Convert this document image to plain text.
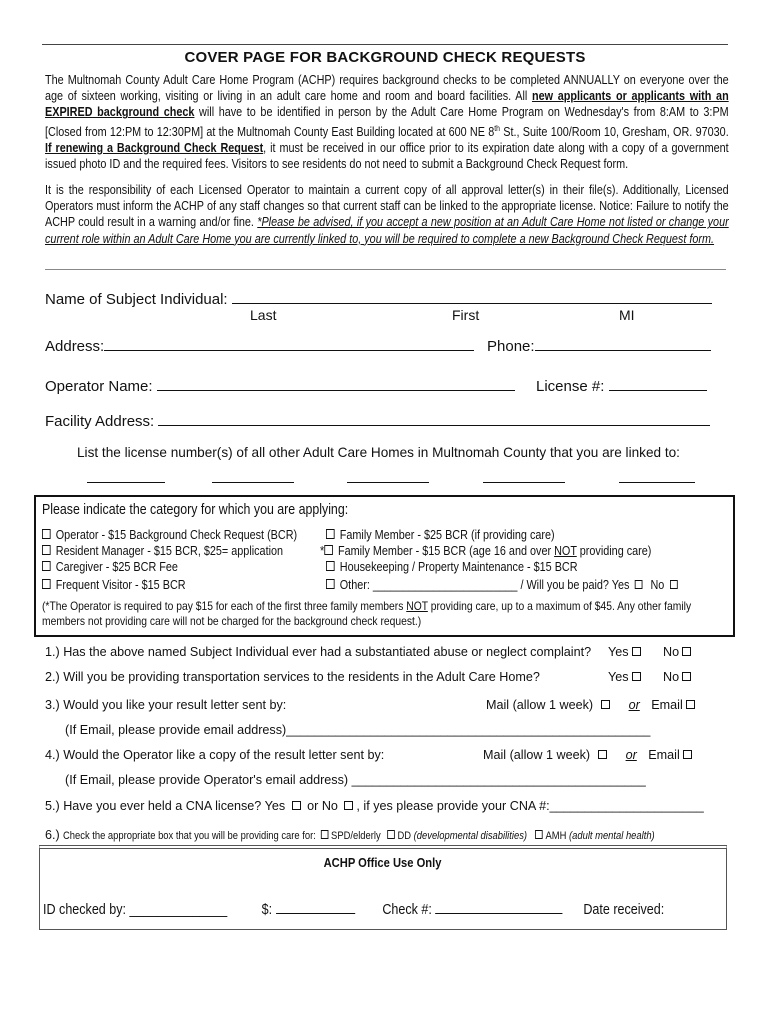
COVER PAGE FOR BACKGROUND CHECK REQUESTS
The Multnomah County Adult Care Home Program (ACHP) requires background checks to be completed ANNUALLY on everyone over the age of sixteen working, visiting or living in an adult care home and room and board facilities. All new applicants or applicants with an EXPIRED background check will have to be identified in person by the Adult Care Home Program on Wednesday's from 8:AM to 3:PM [Closed from 12:PM to 12:30PM] at the Multnomah County East Building located at 600 NE 8th St., Suite 100/Room 10, Gresham, OR. 97030. If renewing a Background Check Request, it must be received in our office prior to its expiration date along with a copy of a government issued photo ID and the required fees. Visitors to see residents do not need to submit a Background Check Request form.
It is the responsibility of each Licensed Operator to maintain a current copy of all approval letter(s) in their file(s). Additionally, Licensed Operators must inform the ACHP of any staff changes so that current staff can be linked to the appropriate license. Notice: Failure to notify the ACHP could result in a warning and/or fine. *Please be advised, if you accept a new position at an Adult Care Home not listed or change your current role within an Adult Care Home you are currently linked to, you will be required to complete a new Background Check Request form.
Name of Subject Individual:
Last	First	MI
Address:	Phone:
Operator Name:	License #:
Facility Address:
List the license number(s) of all other Adult Care Homes in Multnomah County that you are linked to:
Please indicate the category for which you are applying:
Operator - $15 Background Check Request (BCR)
Resident Manager - $15 BCR, $25= application
Caregiver - $25 BCR Fee
Frequent Visitor - $15 BCR
Family Member - $25 BCR (if providing care)
* Family Member - $15 BCR (age 16 and over NOT providing care)
Housekeeping / Property Maintenance - $15 BCR
Other: ________________________ / Will you be paid? Yes No
(*The Operator is required to pay $15 for each of the first three family members NOT providing care, up to a maximum of $45. Any other family members not providing care will not be charged for the background check request.)
1.) Has the above named Subject Individual ever had a substantiated abuse or neglect complaint? Yes	No
2.) Will you be providing transportation services to the residents in the Adult Care Home?	Yes	No
3.) Would you like your result letter sent by:	Mail (allow 1 week)	or Email
(If Email, please provide email address)____________________________________________________
4.) Would the Operator like a copy of the result letter sent by:	Mail (allow 1 week)	or Email
(If Email, please provide Operator's email address) __________________________________________
5.) Have you ever held a CNA license? Yes  or No , if yes please provide your CNA #:______________________
6.) Check the appropriate box that you will be providing care for: SPD/elderly DD (developmental disabilities) AMH (adult mental health)
ACHP Office Use Only
ID checked by: ______________ $:	Check #:	Date received:
